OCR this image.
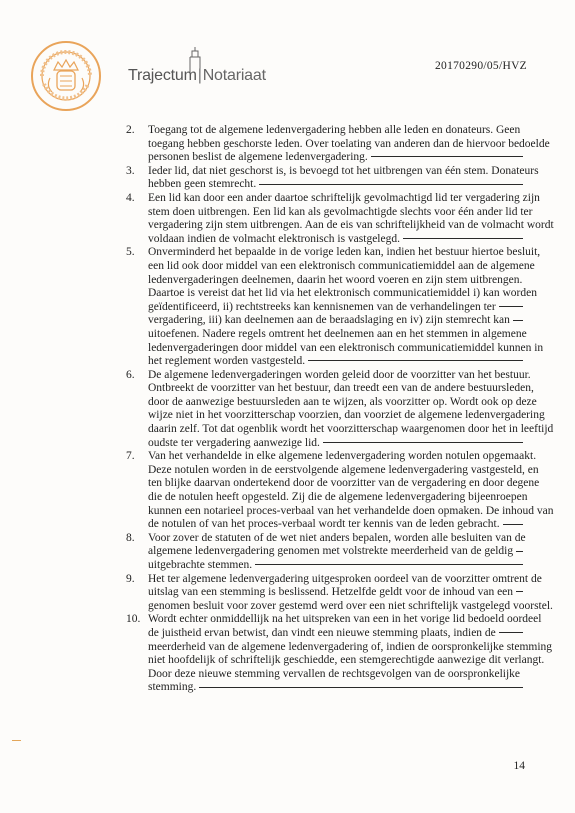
Trajectum|Notariaat
20170290/05/HVZ
2. Toegang tot de algemene ledenvergadering hebben alle leden en donateurs. Geen
toegang hebben geschorste leden. Over toelating van anderen dan de hiervoor bedoelde
personen beslist de algemene ledenvergadering.
3. Ieder lid, dat niet geschorst is, is bevoegd tot het uitbrengen van één stem. Donateurs
hebben geen stemrecht.
4. Een lid kan door een ander daartoe schriftelijk gevolmachtigd lid ter vergadering zijn
stem doen uitbrengen. Een lid kan als gevolmachtigde slechts voor één ander lid ter
vergadering zijn stem uitbrengen. Aan de eis van schriftelijkheid van de volmacht wordt
voldaan indien de volmacht elektronisch is vastgelegd.
5. Onverminderd het bepaalde in de vorige leden kan, indien het bestuur hiertoe besluit,
een lid ook door middel van een elektronisch communicatiemiddel aan de algemene
ledenvergaderingen deelnemen, daarin het woord voeren en zijn stem uitbrengen.
Daartoe is vereist dat het lid via het elektronisch communicatiemiddel i) kan worden
geïdentificeerd, ii) rechtstreeks kan kennisnemen van de verhandelingen ter
vergadering, iii) kan deelnemen aan de beraadslaging en iv) zijn stemrecht kan
uitoefenen. Nadere regels omtrent het deelnemen aan en het stemmen in algemene
ledenvergaderingen door middel van een elektronisch communicatiemiddel kunnen in
het reglement worden vastgesteld.
6. De algemene ledenvergaderingen worden geleid door de voorzitter van het bestuur.
Ontbreekt de voorzitter van het bestuur, dan treedt een van de andere bestuursleden,
door de aanwezige bestuursleden aan te wijzen, als voorzitter op. Wordt ook op deze
wijze niet in het voorzitterschap voorzien, dan voorziet de algemene ledenvergadering
daarin zelf. Tot dat ogenblik wordt het voorzitterschap waargenomen door het in leeftijd
oudste ter vergadering aanwezige lid.
7. Van het verhandelde in elke algemene ledenvergadering worden notulen opgemaakt.
Deze notulen worden in de eerstvolgende algemene ledenvergadering vastgesteld, en
ten blijke daarvan ondertekend door de voorzitter van de vergadering en door degene
die de notulen heeft opgesteld. Zij die de algemene ledenvergadering bijeenroepen
kunnen een notarieel proces-verbaal van het verhandelde doen opmaken. De inhoud van
de notulen of van het proces-verbaal wordt ter kennis van de leden gebracht.
8. Voor zover de statuten of de wet niet anders bepalen, worden alle besluiten van de
algemene ledenvergadering genomen met volstrekte meerderheid van de geldig
uitgebrachte stemmen.
9. Het ter algemene ledenvergadering uitgesproken oordeel van de voorzitter omtrent de
uitslag van een stemming is beslissend. Hetzelfde geldt voor de inhoud van een
genomen besluit voor zover gestemd werd over een niet schriftelijk vastgelegd voorstel.
10. Wordt echter onmiddellijk na het uitspreken van een in het vorige lid bedoeld oordeel
de juistheid ervan betwist, dan vindt een nieuwe stemming plaats, indien de
meerderheid van de algemene ledenvergadering of, indien de oorspronkelijke stemming
niet hoofdelijk of schriftelijk geschiedde, een stemgerechtigde aanwezige dit verlangt.
Door deze nieuwe stemming vervallen de rechtsgevolgen van de oorspronkelijke
stemming.
14
